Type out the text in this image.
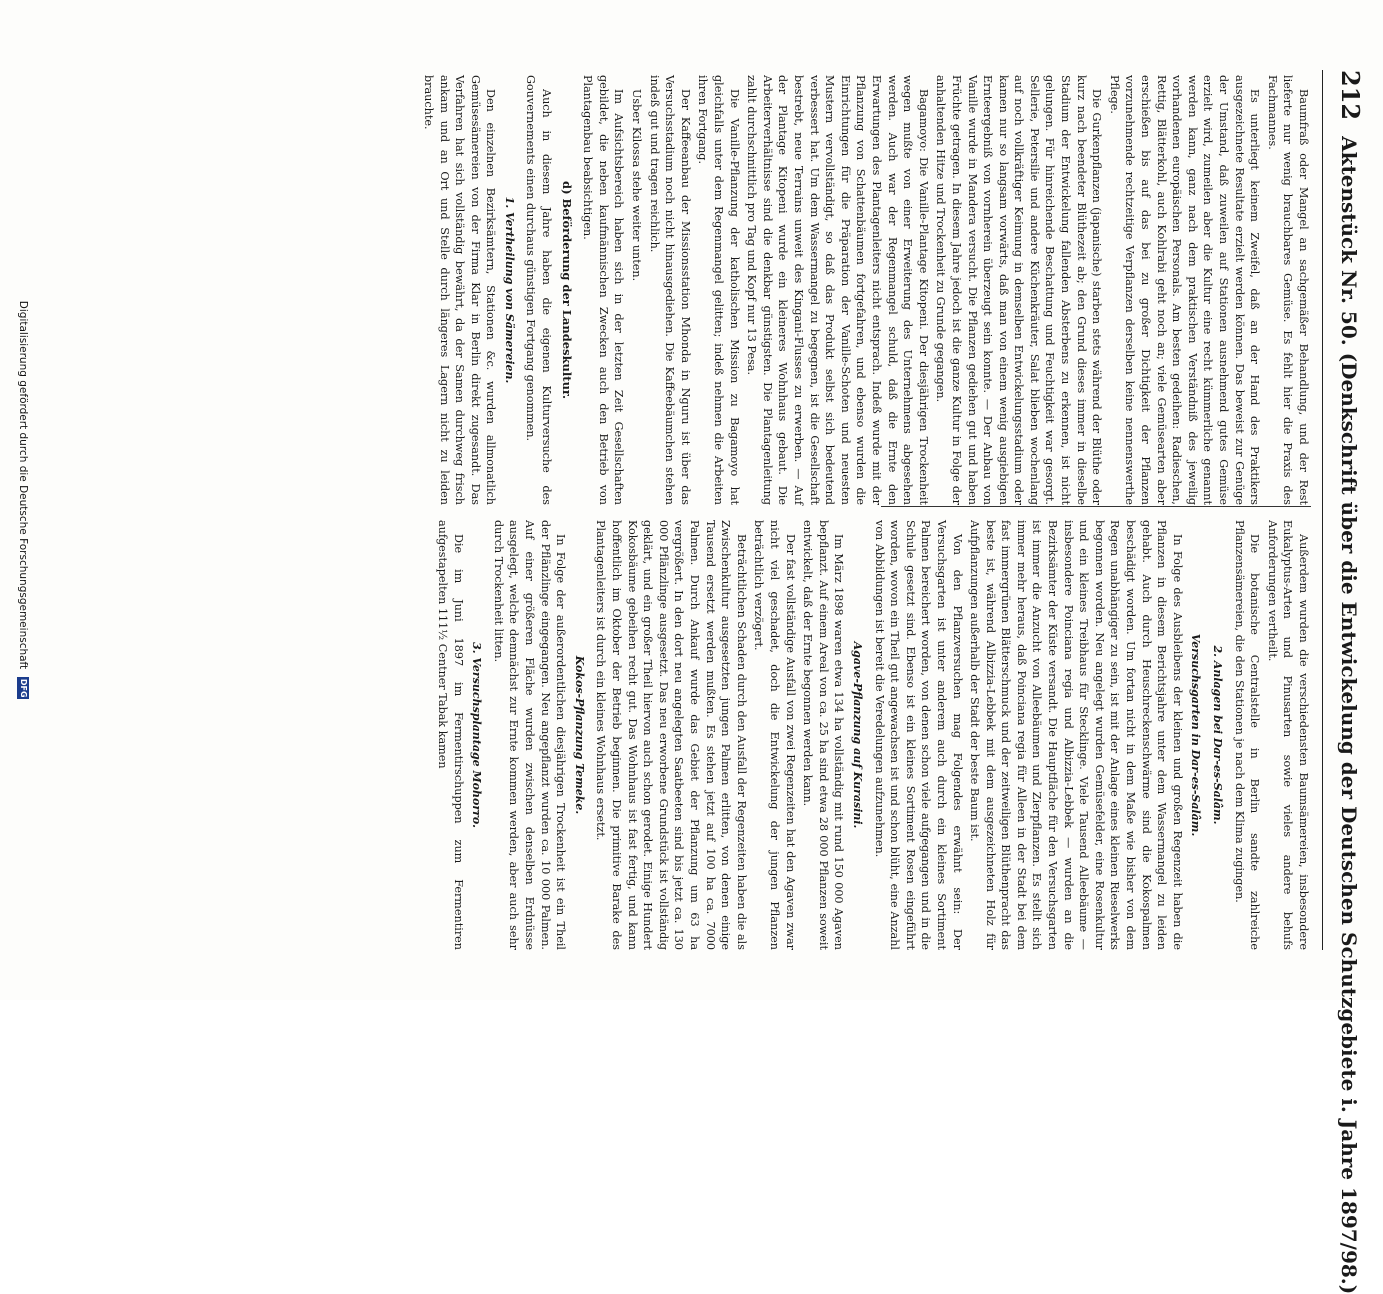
212
Aktenstück Nr. 50. (Denkschrift über die Entwickelung der Deutschen Schutzgebiete i. Jahre 1897/98.)

Baumfraß oder Mangel an sachgemäßer Behandlung, und der Rest lieferte nur wenig brauchbares Gemüse. Es fehlt hier die Praxis des Fachmannes.

Es unterliegt keinem Zweifel, daß an der Hand des Praktikers ausgezeichnete Resultate erzielt werden können. Das beweist zur Genüge der Umstand, daß zuweilen auf Stationen ausnehmend gutes Gemüse erzielt wird, zumeilen aber die Kultur eine recht kümmerliche genannt werden kann, ganz nach dem praktischen Verständniß des jeweilig vorhandenen europäischen Personals. Am besten gedeihen: Radieschen, Rettig, Blätterkohl, auch Kohlrabi geht noch an; viele Gemüsearten aber erschießen bis auf das bei zu großer Dichtigkeit der Pflanzen vorzunehmende rechtzeitige Verpflanzen derselben keine nennenswerthe Pflege.

Die Gurkenpflanzen (japanische) starben stets während der Blüthe oder kurz nach beendeter Blüthezeit ab; den Grund dieses immer in dieselbe Stadium der Entwickelung fallenden Absterbens zu erkennen, ist nicht gelungen. Für hinreichende Beschattung und Feuchtigkeit war gesorgt. Sellerie, Petersilie und andere Küchenkräuter, Salat blieben wochenlang auf noch vollkräftiger Keimung in demselben Entwickelungsstadium oder kamen nur so langsam vorwärts, daß man von einem wenig ausgiebigen Ernteergebniß von vornherein überzeugt sein konnte. — Der Anbau von Vanille wurde in Mandera versucht. Die Pflanzen gediehen gut und haben Früchte getragen. In diesem Jahre jedoch ist die ganze Kultur in Folge der anhaltenden Hitze und Trockenheit zu Grunde gegangen.

Bagamoyo: Die Vanille-Plantage Kitopeni. Der diesjährigen Trockenheit wegen mußte von einer Erweiterung des Unternehmens abgesehen werden. Auch war der Regenmangel schuld, daß die Ernte den Erwartungen des Plantagenleiters nicht entsprach. Indeß wurde mit der Pflanzung von Schattenbäumen fortgefahren, und ebenso wurden die Einrichtungen für die Präparation der Vanille-Schoten und neuesten Mustern vervollständigt, so daß das Produkt selbst sich bedeutend verbessert hat. Um dem Wassermangel zu begegnen, ist die Gesellschaft bestrebt, neue Terrains unweit des Kingani-Flusses zu erwerben. — Auf der Plantage Kitopeni wurde ein kleineres Wohnhaus gebaut. Die Arbeiterverhältnisse sind die denkbar günstigsten. Die Plantagenleitung zahlt durchschnittlich pro Tag und Kopf nur 13 Pesa.

Die Vanille-Pflanzung der katholischen Mission zu Bagamoyo hat gleichfalls unter dem Regenmangel gelitten; indeß nehmen die Arbeiten ihren Fortgang.

Der Kaffeeanbau der Missionsstation Mhonda in Nguru ist über das Versuchsstadium noch nicht hinausgediehen. Die Kaffeebäumchen stehen indeß gut und tragen reichlich.

Usber Kilossa stehe weiter unten.

Im Aufsichtsbereich haben sich in der letzten Zeit Gesellschaften gebildet, die neben kaufmännischen Zwecken auch den Betrieb von Plantagenbau beabsichtigen.

d) Beförderung der Landeskultur.

Auch in diesem Jahre haben die eigenen Kulturversuche des Gouvernements einen durchaus günstigen Fortgang genommen.

1. Vertheilung von Sämereien.

Den einzelnen Bezirksämtern, Stationen &c. wurden allmonatlich Gemüsesämereien von der Firma Klar in Berlin direkt zugesandt. Das Verfahren hat sich vollständig bewährt, da der Samen durchweg frisch ankam und an Ort und Stelle durch längeres Lagern nicht zu leiden brauchte.

Außerdem wurden die verschiedensten Baumsämereien, insbesondere Eukalyptus-Arten und Pinusarten sowie vieles andere behufs Anforderungen vertheilt.

Die botanische Centralstelle in Berlin sandte zahlreiche Pflanzensämereien, die den Stationen je nach dem Klima zugingen.

2. Anlagen bei Dar-es-Salâm.
Versuchsgarten in Dar-es-Salâm.

In Folge des Ausbleibens der kleinen und großen Regenzeit haben die Pflanzen in diesem Berichtsjahre unter dem Wassermangel zu leiden gehabt. Auch durch Heuschreckenschwärme sind die Kokospalmen beschädigt worden. Um fortan nicht in dem Maße wie bisher von dem Regen unabhängiger zu sein, ist mit der Anlage eines kleinen Rieselwerks begonnen worden. Neu angelegt wurden Gemüsefelder, eine Rosenkultur und ein kleines Treibhaus für Stecklinge. Viele Tausend Alleebäume — insbesondere Poinciana regia und Albizzia-Lebbek — wurden an die Bezirksämter der Küste versandt. Die Hauptfläche für den Versuchsgarten ist immer die Anzucht von Alleebäumen und Zierpflanzen. Es stellt sich immer mehr heraus, daß Poinciana regia für Alleen in der Stadt bei dem fast immergrünen Blätterschmuck und der zeitweiligen Blüthenpracht das beste ist, während Albizzia-Lebbek mit dem ausgezeichneten Holz für Aufpflanzungen außerhalb der Stadt der beste Baum ist.

Von den Pflanzversuchen mag Folgendes erwähnt sein: Der Versuchsgarten ist unter anderem auch durch ein kleines Sortiment Palmen bereichert worden, von denen schon viele aufgegangen und in die Schule gesetzt sind. Ebenso ist ein kleines Sortiment Rosen eingeführt worden, wovon ein Theil gut angewachsen ist und schon blüht, eine Anzahl von Abbildungen ist bereit die Veredelungen aufzunehmen.

Agave-Pflanzung auf Kurasini.

Im März 1898 waren etwa 134 ha vollständig mit rund 150 000 Agaven bepflanzt. Auf einem Areal von ca. 25 ha sind etwa 28 000 Pflanzen soweit entwickelt, daß der Ernte begonnen werden kann.

Der fast vollständige Ausfall von zwei Regenzeiten hat den Agaven zwar nicht viel geschadet, doch die Entwickelung der jungen Pflanzen beträchtlich verzögert.

Beträchtlichen Schaden durch den Ausfall der Regenzeiten haben die als Zwischenkultur ausgesetzten jungen Palmen erlitten, von denen einige Tausend ersetzt werden mußten. Es stehen jetzt auf 100 ha ca. 7000 Palmen. Durch Ankauf wurde das Gebiet der Pflanzung um 63 ha vergrößert. In den dort neu angelegten Saatbeeten sind bis jetzt ca. 130 000 Pflänzlinge ausgesetzt. Das neu erworbene Grundstück ist vollständig geklärt, und ein großer Theil hiervon auch schon gerodet. Einige Hundert Kokosbäume gebeihen recht gut. Das Wohnhaus ist fast fertig, und kann hoffentlich im Oktober der Betrieb beginnen. Die primitive Barake des Plantagenleiters ist durch ein kleines Wohnhaus ersetzt.

Kokos-Pflanzung Temeke.

In Folge der außerordentlichen diesjährigen Trockenheit ist ein Theil der Pflänzlinge eingegangen. Neu angepflanzt wurden ca. 10 000 Palmen. Auf einer größeren Fläche wurden zwischen denselben Erdnüsse ausgelegt, welche demnächst zur Ernte kommen werden, aber auch sehr durch Trockenheit litten.

3. Versuchsplantage Mohorro.

Die im Juni 1897 im Fermentirschuppen zum Fermentiren aufgestapelten 111½ Centner Tabak kamen

Digitalisierung gefördert durch die Deutsche Forschungsgemeinschaft
DFG
